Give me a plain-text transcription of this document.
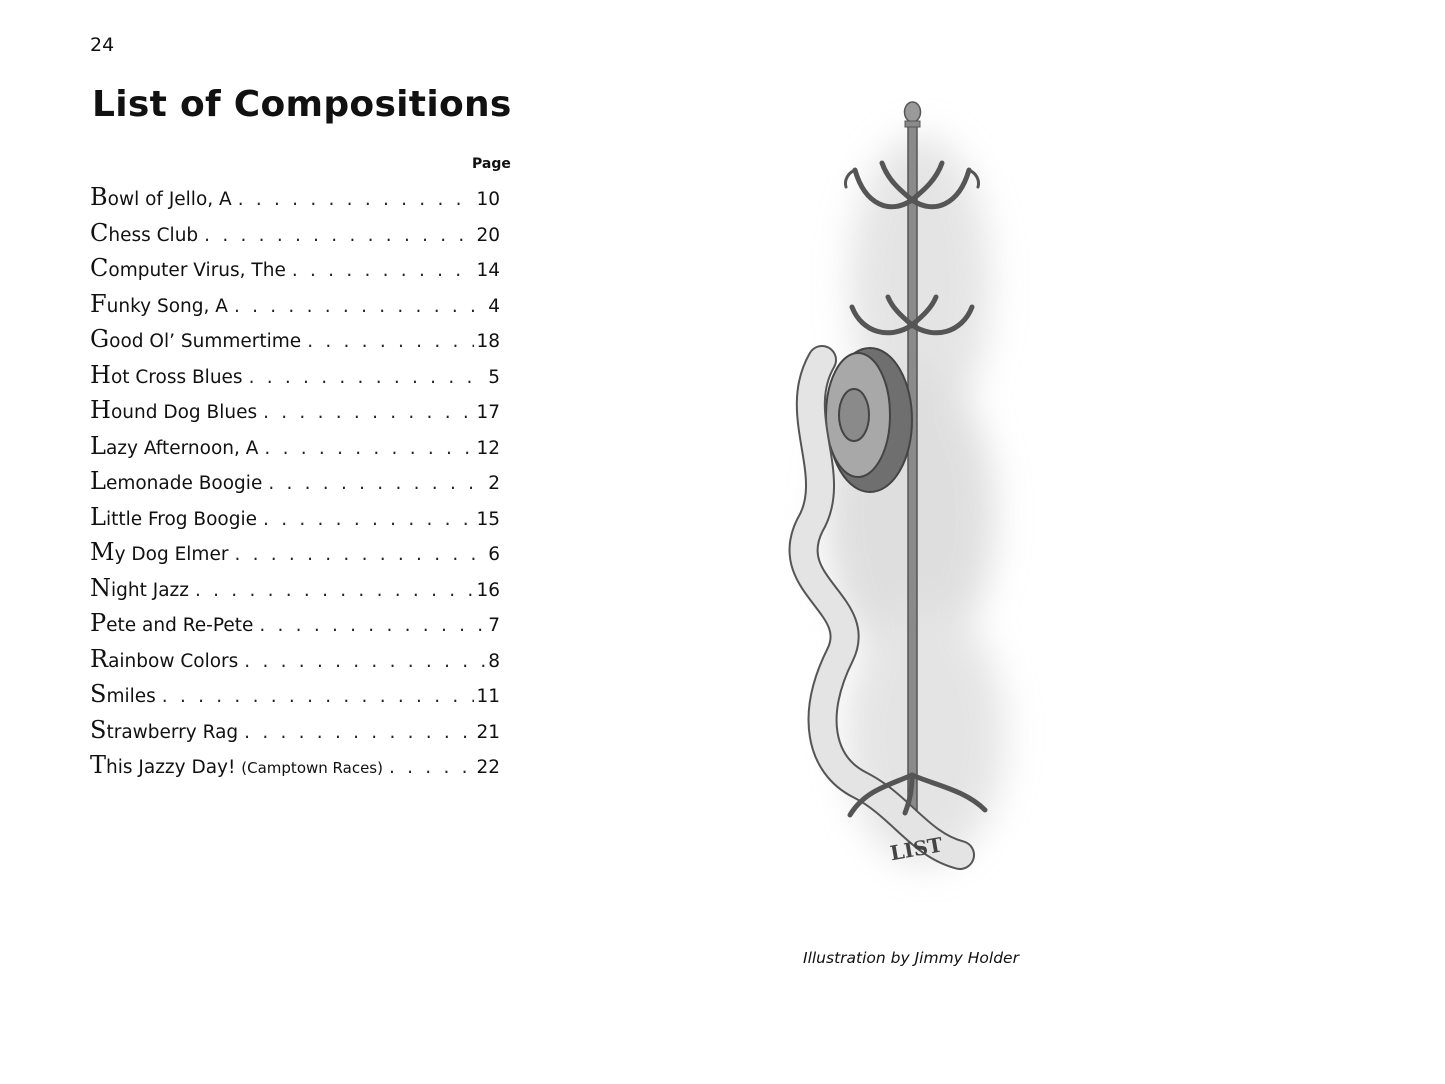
24
List of Compositions
Page
Bowl of Jello, A . . .	10
Chess Club . . .	20
Computer Virus, The . . .	14
Funky Song, A . . .	4
Good Ol’ Summertime . . .	18
Hot Cross Blues . . .	5
Hound Dog Blues . . .	17
Lazy Afternoon, A . . .	12
Lemonade Boogie . . .	2
Little Frog Boogie . . .	15
My Dog Elmer . . .	6
Night Jazz . . .	16
Pete and Re-Pete . . .	7
Rainbow Colors . . .	8
Smiles . . .	11
Strawberry Rag . . .	21
This Jazzy Day! (Camptown Races) . . .	22
LIST
Illustration by Jimmy Holder
